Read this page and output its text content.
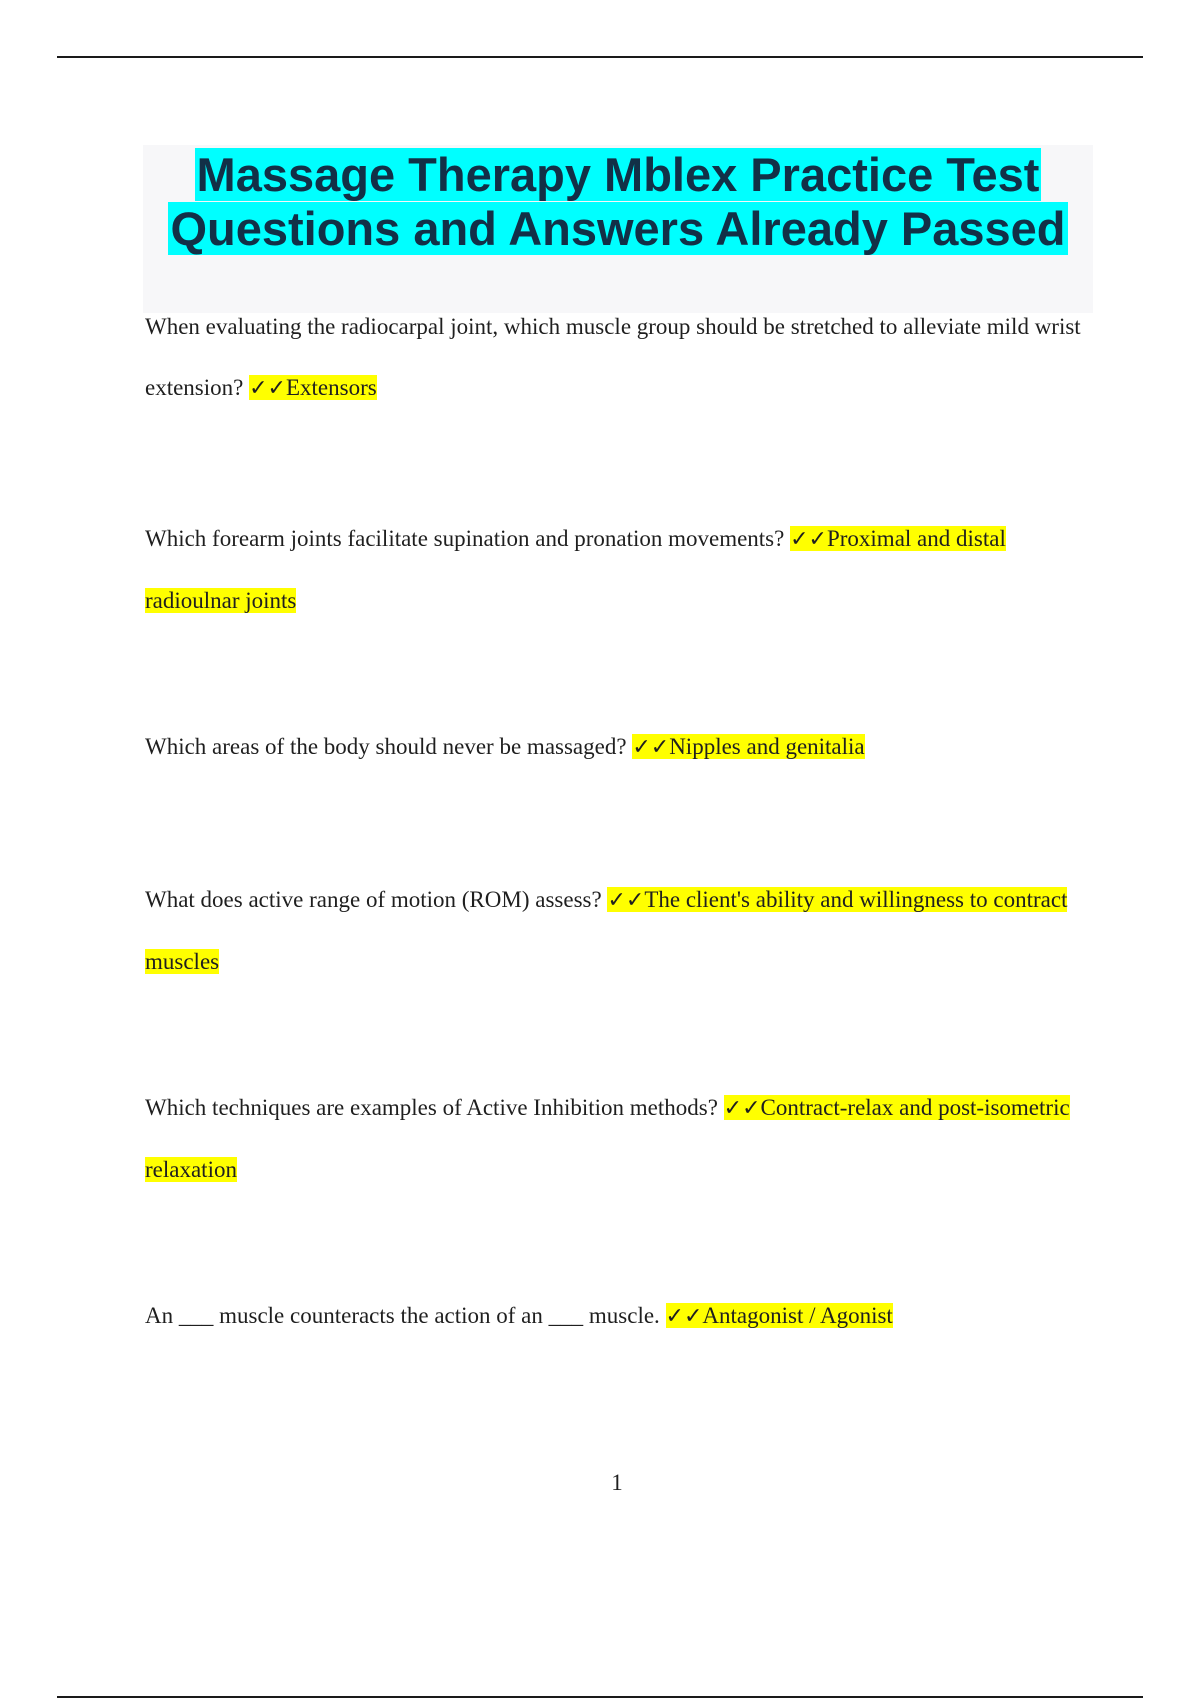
Massage Therapy Mblex Practice Test
Questions and Answers Already Passed

When evaluating the radiocarpal joint, which muscle group should be stretched to alleviate mild wrist extension? ✓✓Extensors

Which forearm joints facilitate supination and pronation movements? ✓✓Proximal and distal radioulnar joints

Which areas of the body should never be massaged? ✓✓Nipples and genitalia

What does active range of motion (ROM) assess? ✓✓The client's ability and willingness to contract muscles

Which techniques are examples of Active Inhibition methods? ✓✓Contract-relax and post-isometric relaxation

An ___ muscle counteracts the action of an ___ muscle. ✓✓Antagonist / Agonist

1
